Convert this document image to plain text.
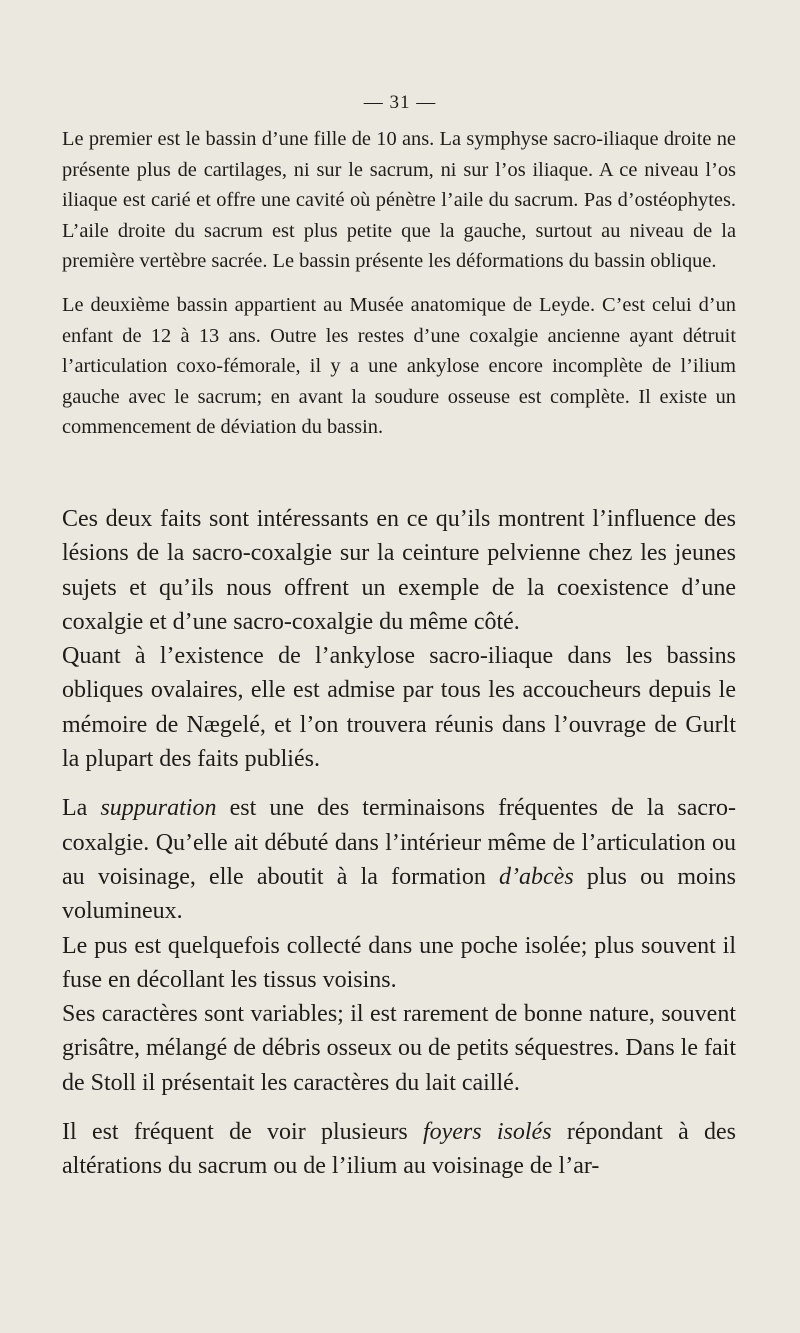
— 31 —

Le premier est le bassin d’une fille de 10 ans. La symphyse sacro-iliaque droite ne présente plus de cartilages, ni sur le sacrum, ni sur l’os iliaque. A ce niveau l’os iliaque est carié et offre une cavité où pénètre l’aile du sacrum. Pas d’ostéophytes. L’aile droite du sacrum est plus petite que la gauche, surtout au niveau de la première vertèbre sacrée. Le bassin présente les déformations du bassin oblique.

Le deuxième bassin appartient au Musée anatomique de Leyde. C’est celui d’un enfant de 12 à 13 ans. Outre les restes d’une coxalgie ancienne ayant détruit l’articulation coxo-fémorale, il y a une ankylose encore incomplète de l’ilium gauche avec le sacrum; en avant la soudure osseuse est complète. Il existe un commencement de déviation du bassin.

Ces deux faits sont intéressants en ce qu’ils montrent l’influence des lésions de la sacro-coxalgie sur la ceinture pelvienne chez les jeunes sujets et qu’ils nous offrent un exemple de la coexistence d’une coxalgie et d’une sacro-coxalgie du même côté.

Quant à l’existence de l’ankylose sacro-iliaque dans les bassins obliques ovalaires, elle est admise par tous les accoucheurs depuis le mémoire de Nægelé, et l’on trouvera réunis dans l’ouvrage de Gurlt la plupart des faits publiés.

La suppuration est une des terminaisons fréquentes de la sacro-coxalgie. Qu’elle ait débuté dans l’intérieur même de l’articulation ou au voisinage, elle aboutit à la formation d’abcès plus ou moins volumineux.

Le pus est quelquefois collecté dans une poche isolée; plus souvent il fuse en décollant les tissus voisins.

Ses caractères sont variables; il est rarement de bonne nature, souvent grisâtre, mélangé de débris osseux ou de petits séquestres. Dans le fait de Stoll il présentait les caractères du lait caillé.

Il est fréquent de voir plusieurs foyers isolés répondant à des altérations du sacrum ou de l’ilium au voisinage de l’ar-
